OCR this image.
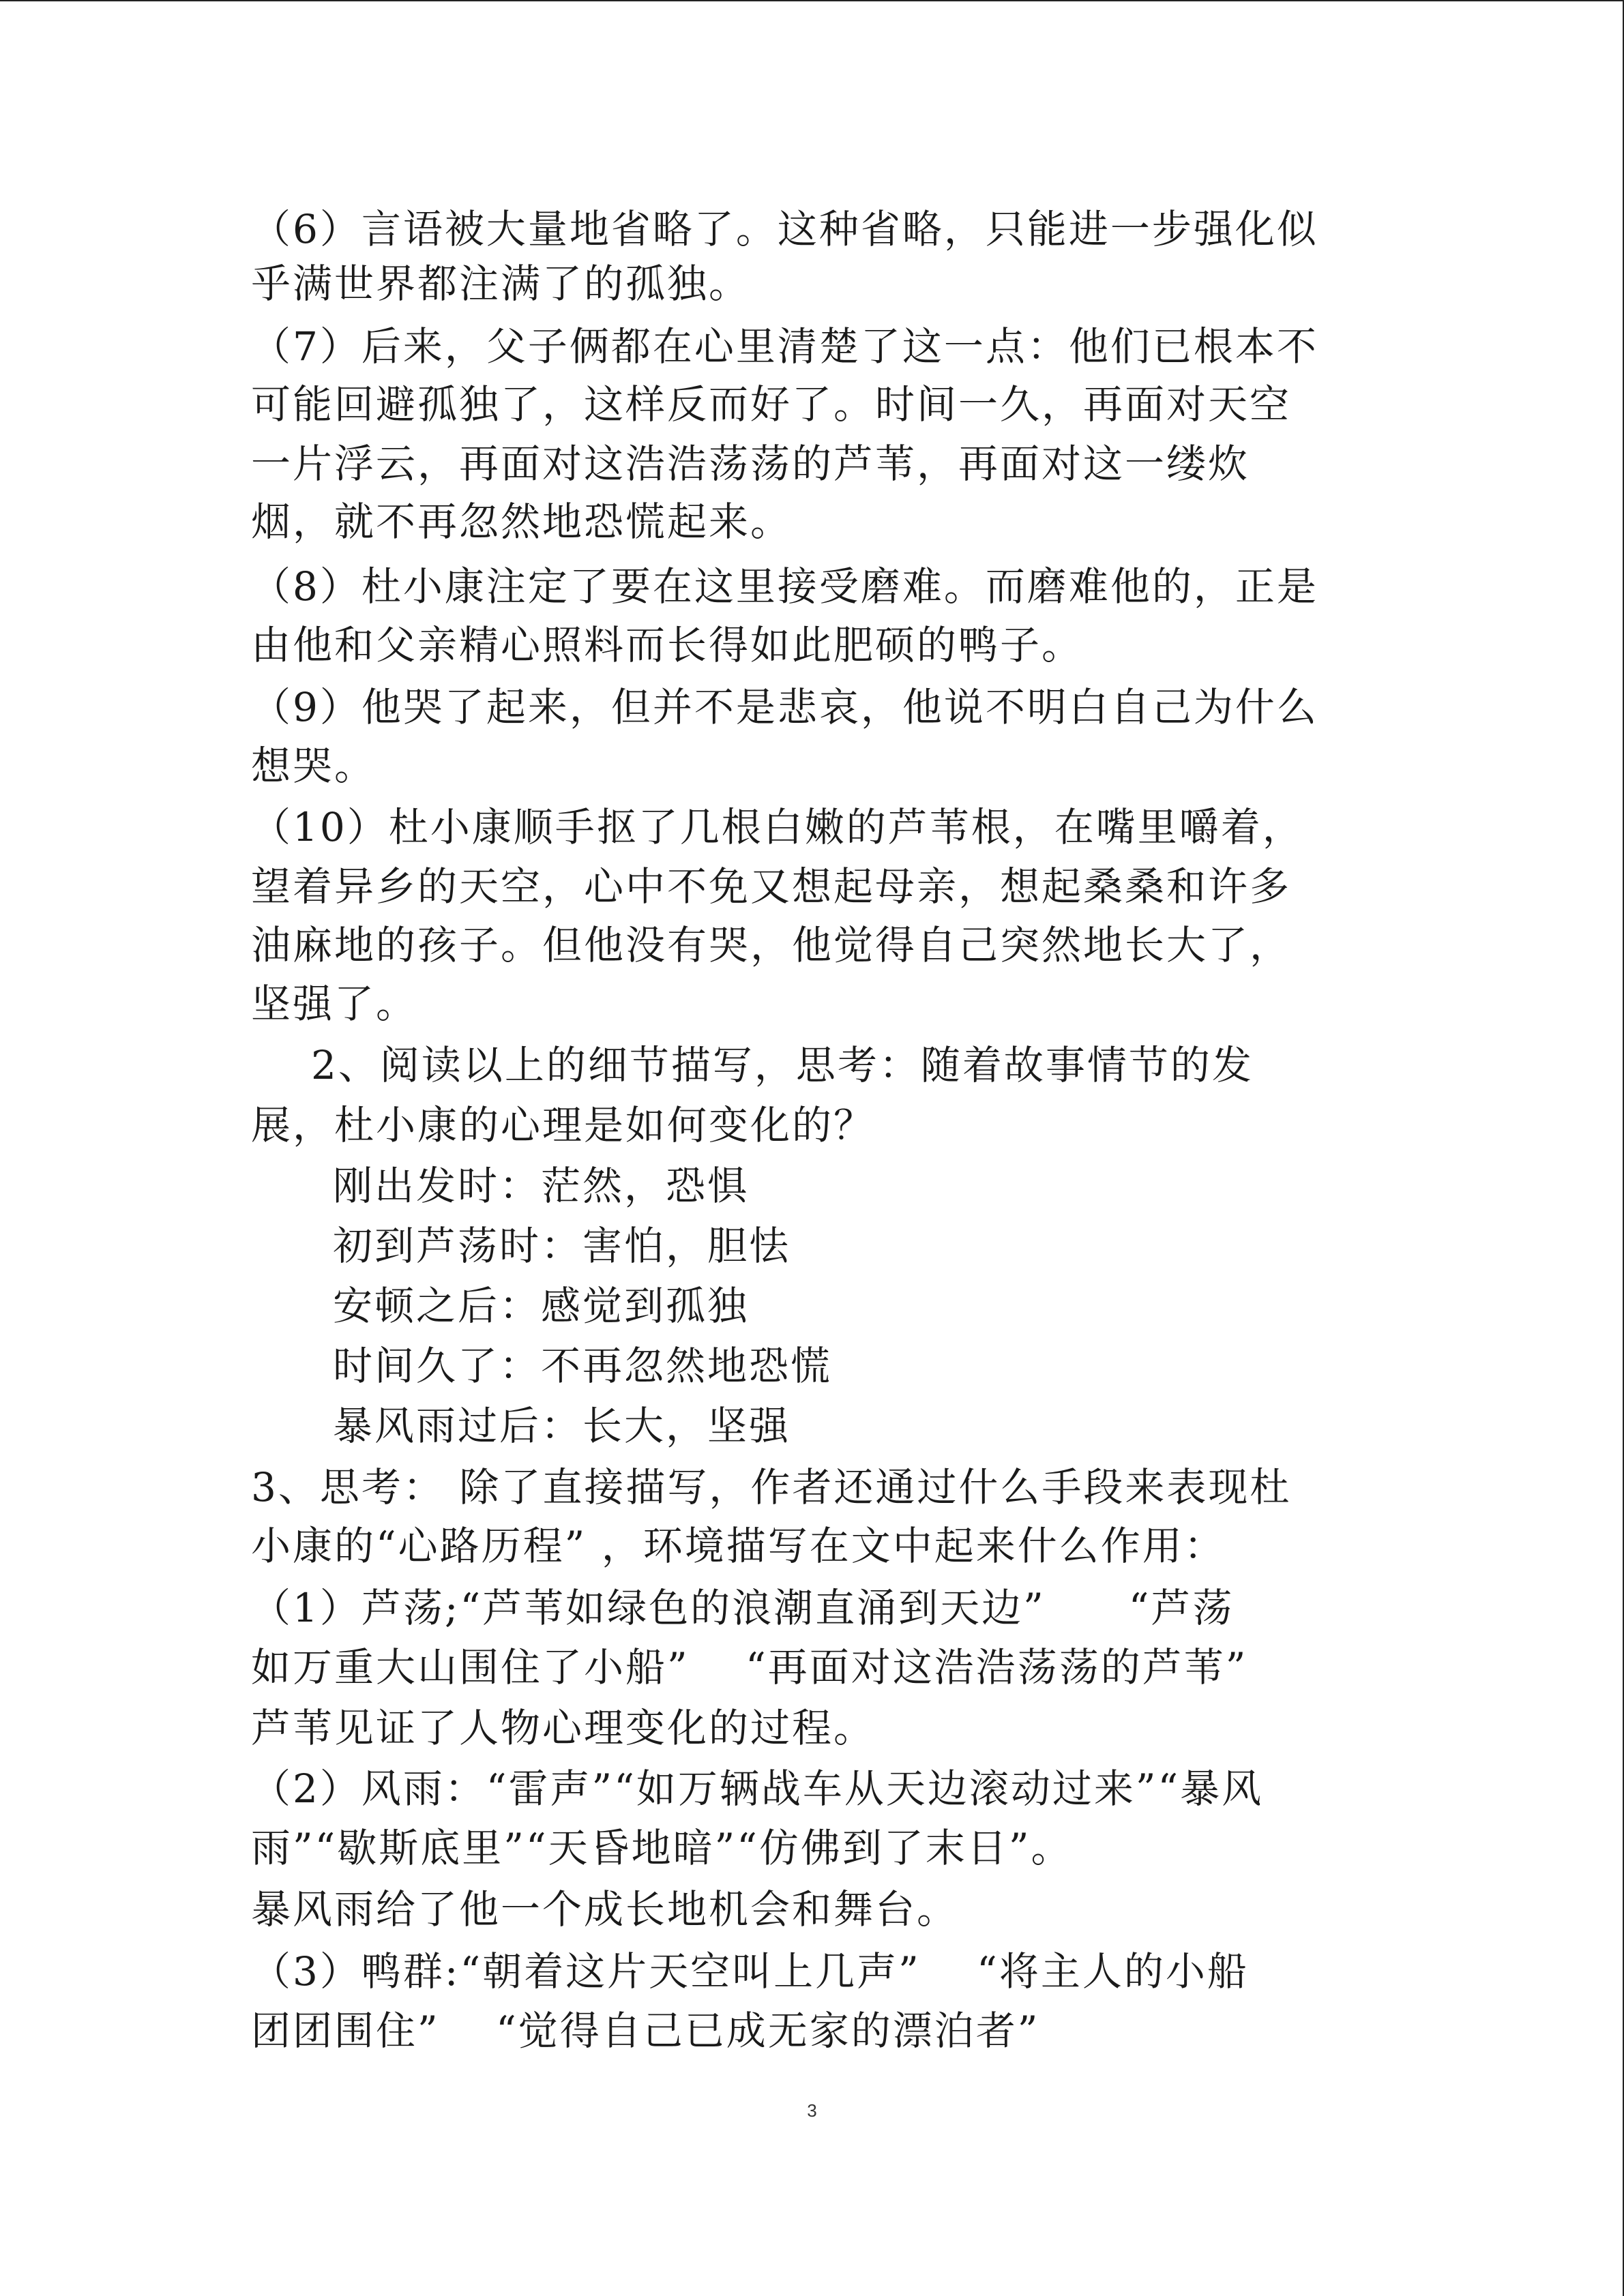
（6）言语被大量地省略了。这种省略，只能进一步强化似
乎满世界都注满了的孤独。
（7）后来，父子俩都在心里清楚了这一点：他们已根本不
可能回避孤独了，这样反而好了。时间一久，再面对天空
一片浮云，再面对这浩浩荡荡的芦苇，再面对这一缕炊
烟，就不再忽然地恐慌起来。
（8）杜小康注定了要在这里接受磨难。而磨难他的，正是
由他和父亲精心照料而长得如此肥硕的鸭子。
（9）他哭了起来，但并不是悲哀，他说不明白自己为什么
想哭。
（10）杜小康顺手抠了几根白嫩的芦苇根，在嘴里嚼着，
望着异乡的天空，心中不免又想起母亲，想起桑桑和许多
油麻地的孩子。但他没有哭，他觉得自己突然地长大了，
坚强了。
2、阅读以上的细节描写，思考：随着故事情节的发
展，杜小康的心理是如何变化的？
刚出发时：茫然，恐惧
初到芦荡时：害怕，胆怯
安顿之后：感觉到孤独
时间久了：不再忽然地恐慌
暴风雨过后：长大，坚强
3、思考： 除了直接描写，作者还通过什么手段来表现杜
小康的“心路历程” ，环境描写在文中起来什么作用：
（1）芦荡;“芦苇如绿色的浪潮直涌到天边”　　“芦荡
如万重大山围住了小船”　 “再面对这浩浩荡荡的芦苇”
芦苇见证了人物心理变化的过程。
（2）风雨：“雷声”“如万辆战车从天边滚动过来”“暴风
雨”“歇斯底里”“天昏地暗”“仿佛到了末日”。
暴风雨给了他一个成长地机会和舞台。
（3）鸭群:“朝着这片天空叫上几声”　 “将主人的小船
团团围住”　 “觉得自己已成无家的漂泊者”
3
